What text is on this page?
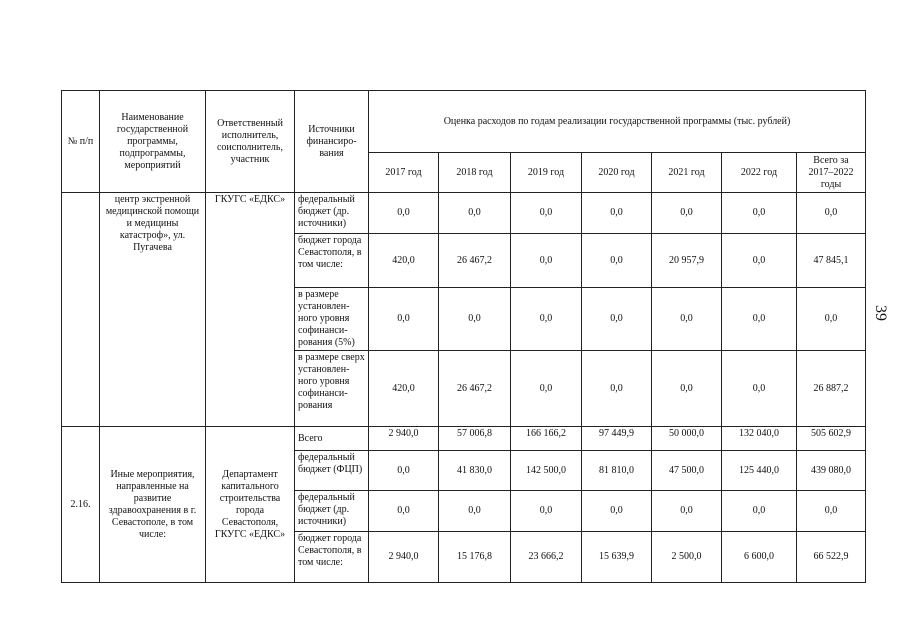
№ п/п	Наименование государственной программы, подпрограммы, мероприятий	Ответственный исполнитель, соисполнитель, участник	Источники финансиро-вания	Оценка расходов по годам реализации государственной программы (тыс. рублей)						
				2017 год	2018 год	2019 год	2020 год	2021 год	2022 год	Всего за 2017–2022 годы
	центр экстренной медицинской помощи и медицины катастроф», ул. Пугачева	ГКУГС «ЕДКС»	федеральный бюджет (др. источники)	0,0	0,0	0,0	0,0	0,0	0,0	0,0
			бюджет города Севастополя, в том числе:	420,0	26 467,2	0,0	0,0	20 957,9	0,0	47 845,1
			в размере установлен-ного уровня софинанси-рования (5%)	0,0	0,0	0,0	0,0	0,0	0,0	0,0
			в размере сверх установлен-ного уровня софинанси-рования	420,0	26 467,2	0,0	0,0	0,0	0,0	26 887,2
2.16.	Иные мероприятия, направленные на развитие здравоохранения в г. Севастополе, в том числе:	Департамент капитального строительства города Севастополя, ГКУГС «ЕДКС»	Всего	2 940,0	57 006,8	166 166,2	97 449,9	50 000,0	132 040,0	505 602,9
			федеральный бюджет (ФЦП)	0,0	41 830,0	142 500,0	81 810,0	47 500,0	125 440,0	439 080,0
			федеральный бюджет (др. источники)	0,0	0,0	0,0	0,0	0,0	0,0	0,0
			бюджет города Севастополя, в том числе:	2 940,0	15 176,8	23 666,2	15 639,9	2 500,0	6 600,0	66 522,9
39
